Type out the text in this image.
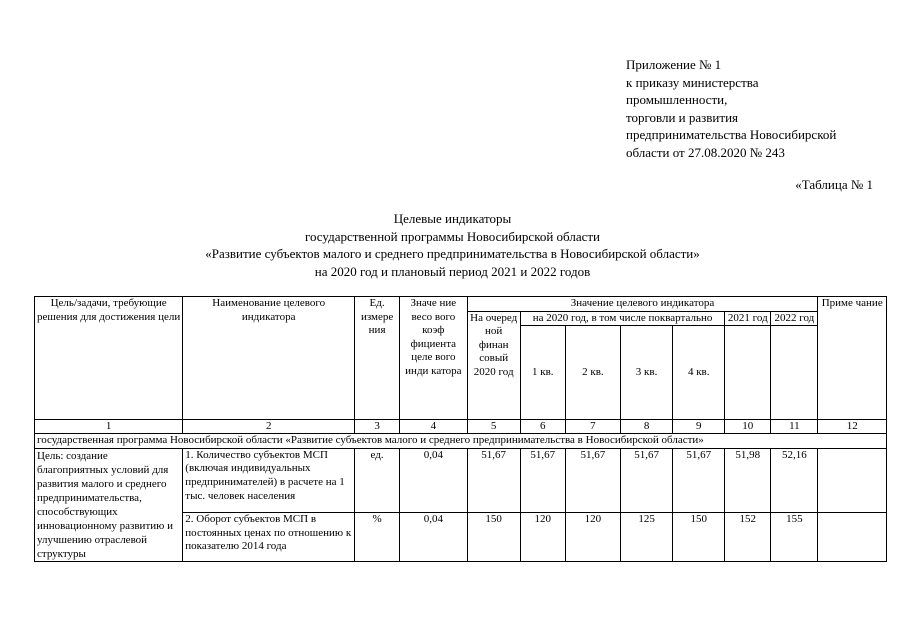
Приложение № 1
к приказу министерства
промышленности,
торговли и развития
предпринимательства Новосибирской
области от 27.08.2020 № 243
«Таблица № 1
Целевые индикаторы
государственной программы Новосибирской области
«Развитие субъектов малого и среднего предпринимательства в Новосибирской области»
на 2020 год и плановый период 2021 и 2022 годов
Цель/задачи, требующие решения для достижения цели	Наименование целевого индикатора	Ед. измере ния	Значе ние весо вого коэф фициента целе вого инди катора	Значение целевого индикатора							Приме чание
				На очеред ной финан совый 2020 год	на 2020 год, в том числе поквартально				2021 год	2022 год	
					1 кв.	2 кв.	3 кв.	4 кв.			
1	2	3	4	5	6	7	8	9	10	11	12
государственная программа Новосибирской области «Развитие субъектов малого и среднего предпринимательства в Новосибирской области»											
Цель: создание благоприятных условий для развития малого и среднего предпринимательства, способствующих инновационному развитию и улучшению отраслевой структуры	1. Количество субъектов МСП (включая индивидуальных предпринимателей) в расчете на 1 тыс. человек населения	ед.	0,04	51,67	51,67	51,67	51,67	51,67	51,98	52,16	
	2. Оборот субъектов МСП в постоянных ценах по отношению к показателю 2014 года	%	0,04	150	120	120	125	150	152	155	
